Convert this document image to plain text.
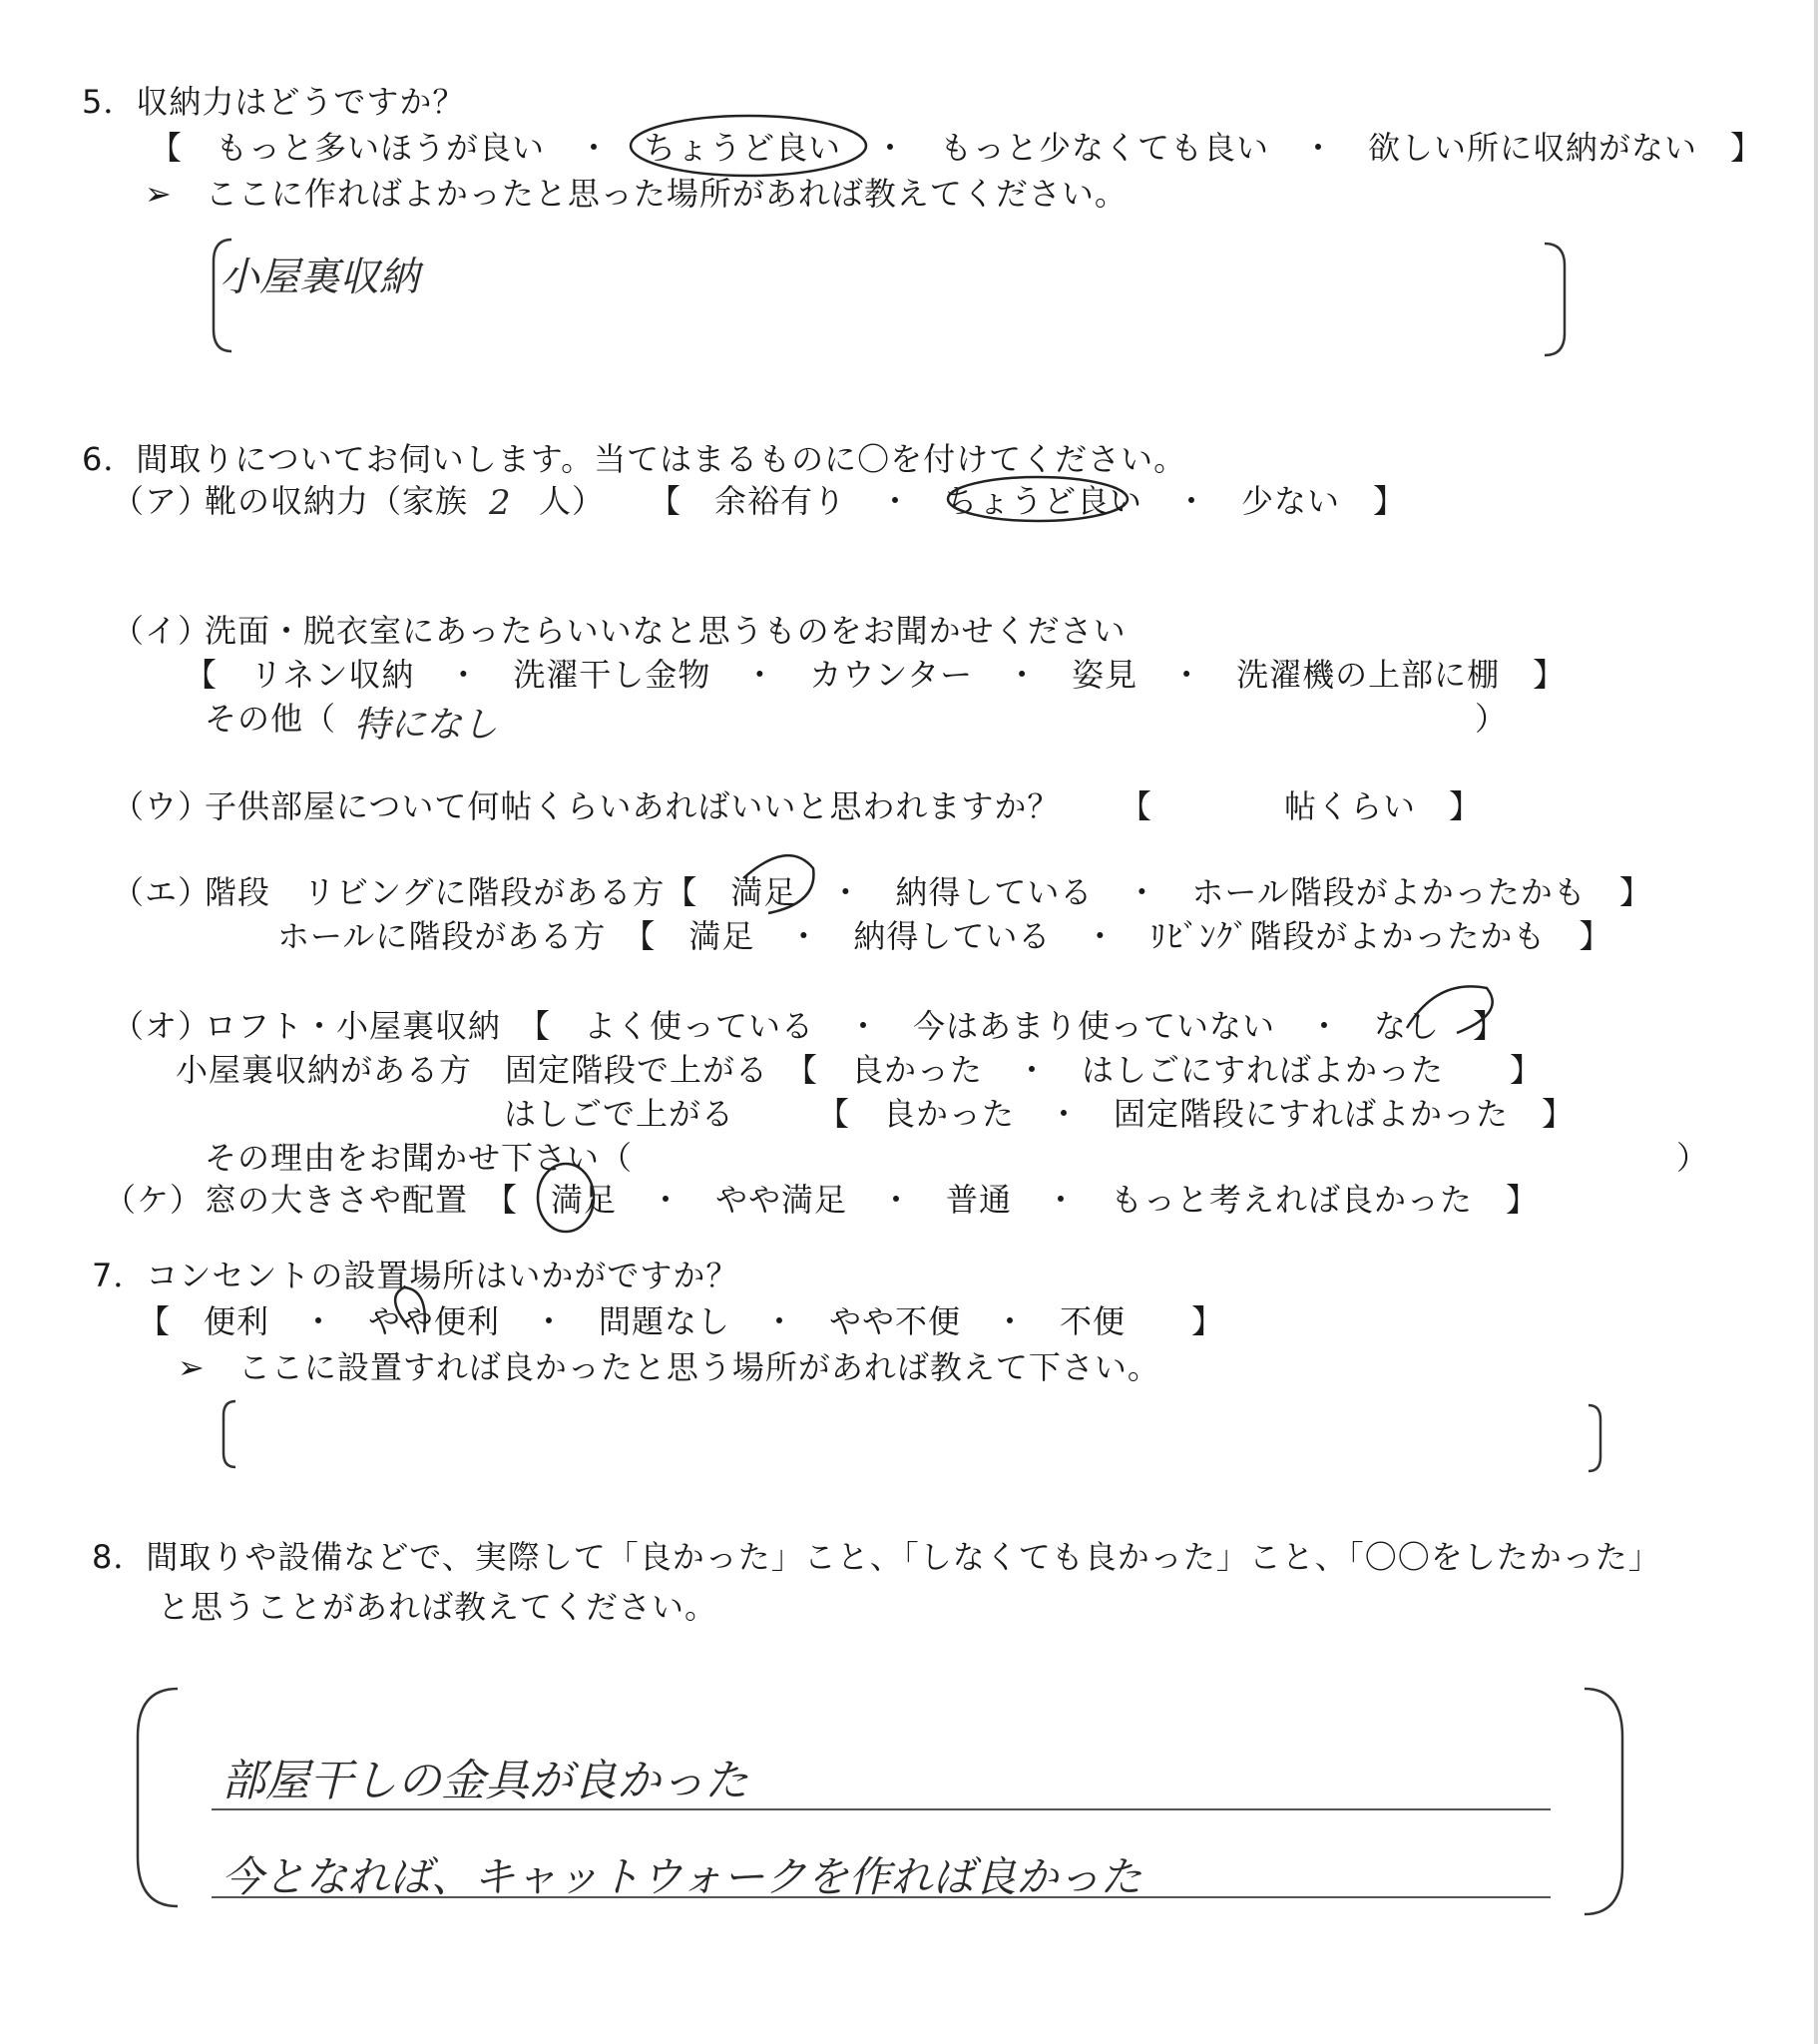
5．収納力はどうですか？
【　もっと多いほうが良い　・　ちょうど良い　・　もっと少なくても良い　・　欲しい所に収納がない　】
➢　ここに作ればよかったと思った場所があれば教えてください。
小屋裏収納
6．間取りについてお伺いします。当てはまるものに〇を付けてください。
（ア）
靴の収納力（家族 2 人） 【　余裕有り　・　ちょうど良い　・　少ない　】
（イ）
洗面・脱衣室にあったらいいなと思うものをお聞かせください
【　リネン収納　・　洗濯干し金物　・　カウンター　・　姿見　・　洗濯機の上部に棚　】
その他（ 特になし	）
（ウ）
子供部屋について何帖くらいあればいいと思われますか？ 【　　　　帖くらい　】
（エ）
階段　リビングに階段がある方【　満足　・　納得している　・　ホール階段がよかったかも　】
ホールに階段がある方　【　満足　・　納得している　・　ﾘﾋﾞﾝｸﾞ階段がよかったかも　】
（オ）
ロフト・小屋裏収納　【　よく使っている　・　今はあまり使っていない　・　なし　】
小屋裏収納がある方　固定階段で上がる　【　良かった　・　はしごにすればよかった　　】
はしごで上がる　　　【　良かった　・　固定階段にすればよかった　】
その理由をお聞かせ下さい（	）
（ケ） 窓の大きさや配置　【　満足　・　やや満足　・　普通　・　もっと考えれば良かった　】
7．コンセントの設置場所はいかがですか？
【　便利　・　やや便利　・　問題なし　・　やや不便　・　不便　　】
➢　ここに設置すれば良かったと思う場所があれば教えて下さい。
8．間取りや設備などで、実際して「良かった」こと、「しなくても良かった」こと、「〇〇をしたかった」
と思うことがあれば教えてください。
部屋干しの金具が良かった
今となれば、キャットウォークを作れば良かった
